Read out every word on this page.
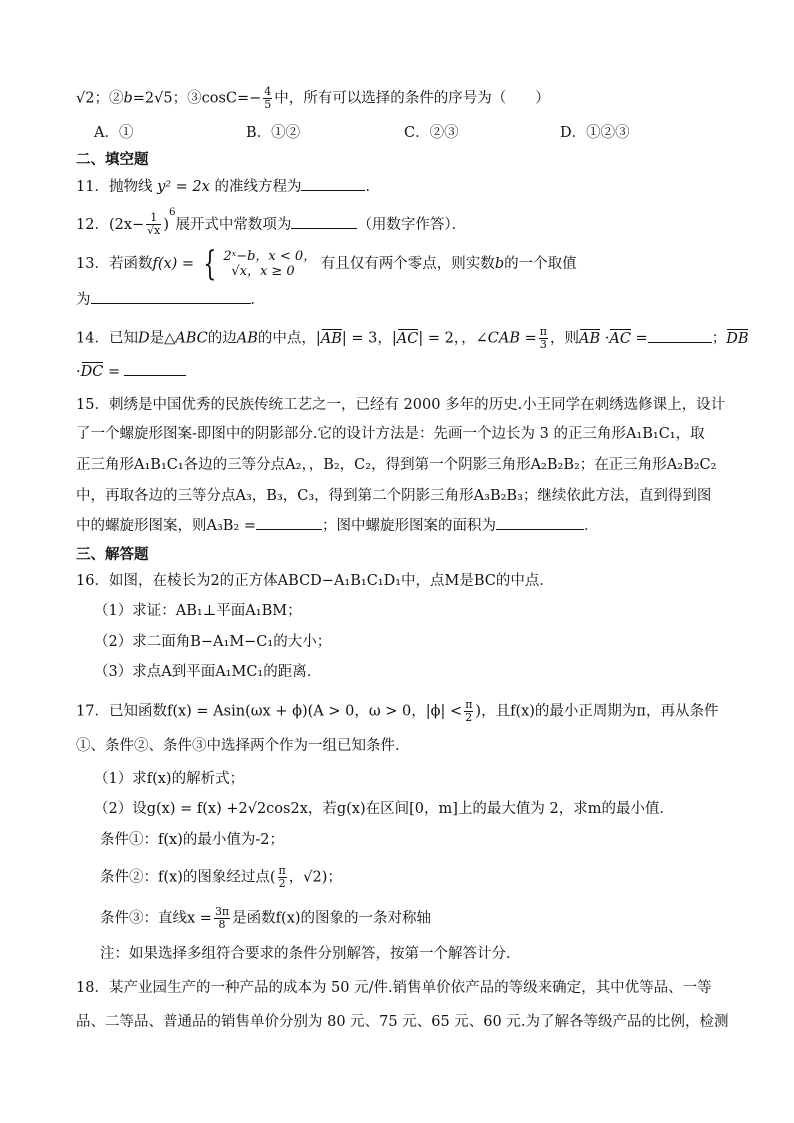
√2；②b=2√5；③cosC=− $\frac{4}{5}$ 中，所有可以选择的条件的序号为（　　）
A．①	B．①②	C．②③	D．①②③
二、填空题
11．抛物线 y² = 2x 的准线方程为	．
12．$(2x- \frac{1}{√x} )^6$展开式中常数项为	（用数字作答）．
13．若函数f(x) = { 2ˣ−b，x < 0，
√x，x ≥ 0	有且仅有两个零点，则实数b的一个取值
为	．
14．已知D是△ABC的边AB的中点，|AB| = 3，|AC| = 2，，∠CAB = $\frac{\pi}{3}$ ，则AB ·AC =	；DB
·DC =
15．刺绣是中国优秀的民族传统工艺之一，已经有 2000 多年的历史.小王同学在刺绣选修课上，设计
了一个螺旋形图案-即图中的阴影部分.它的设计方法是：先画一个边长为 3 的正三角形A₁B₁C₁，取
正三角形A₁B₁C₁各边的三等分点A₂，，B₂，C₂，得到第一个阴影三角形A₂B₂B₂；在正三角形A₂B₂C₂
中，再取各边的三等分点A₃，B₃，C₃，得到第二个阴影三角形A₃B₂B₃；继续依此方法，直到得到图
中的螺旋形图案，则A₃B₂ =	；图中螺旋形图案的面积为	．
三、解答题
16．如图，在棱长为2的正方体ABCD−A₁B₁C₁D₁中，点M是BC的中点．
（1）求证：AB₁⊥平面A₁BM；
（2）求二面角B−A₁M−C₁的大小；
（3）求点A到平面A₁MC₁的距离．
17．已知函数f(x) = Asin(ωx + ϕ)(A > 0，ω > 0，$|\phi| < \frac{\pi}{2}$ )，且f(x)的最小正周期为π，再从条件
①、条件②、条件③中选择两个作为一组已知条件．
（1）求f(x)的解析式；
（2）设g(x) = f(x) +2√2cos2x，若g(x)在区间[0，m]上的最大值为 2，求m的最小值．
条件①：f(x)的最小值为-2；
条件②：f(x)的图象经过点( $\frac{\pi}{2}$ ，√2)；
条件③：直线$x = \frac{3\pi}{8}$ 是函数f(x)的图象的一条对称轴
注：如果选择多组符合要求的条件分别解答，按第一个解答计分．
18．某产业园生产的一种产品的成本为 50 元/件.销售单价依产品的等级来确定，其中优等品、一等
品、二等品、普通品的销售单价分别为 80 元、75 元、65 元、60 元.为了解各等级产品的比例，检测
